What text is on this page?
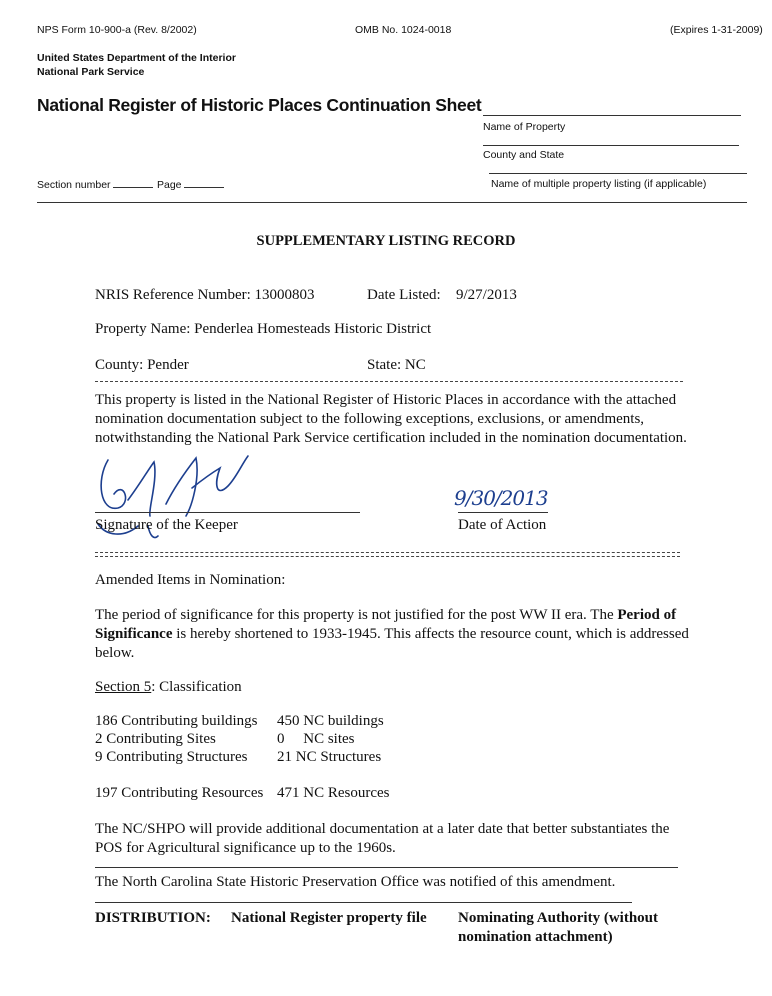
NPS Form 10-900-a (Rev. 8/2002)	OMB No. 1024-0018	(Expires 1-31-2009)
United States Department of the Interior
National Park Service
National Register of Historic Places Continuation Sheet
Name of Property
County and State
Name of multiple property listing (if applicable)
Section number	Page
SUPPLEMENTARY LISTING RECORD
NRIS Reference Number: 13000803	Date Listed: 9/27/2013
Property Name: Penderlea Homesteads Historic District
County: Pender	State: NC
This property is listed in the National Register of Historic Places in accordance with the attached nomination documentation subject to the following exceptions, exclusions, or amendments, notwithstanding the National Park Service certification included in the nomination documentation.
Signature of the Keeper
9/30/2013
Date of Action
Amended Items in Nomination:
The period of significance for this property is not justified for the post WW II era. The Period of Significance is hereby shortened to 1933-1945. This affects the resource count, which is addressed below.
Section 5: Classification
186 Contributing buildings 450 NC buildings
2 Contributing Sites	0     NC sites
9 Contributing Structures 21 NC Structures
197 Contributing Resources 471 NC Resources
The NC/SHPO will provide additional documentation at a later date that better substantiates the POS for Agricultural significance up to the 1960s.
The North Carolina State Historic Preservation Office was notified of this amendment.
DISTRIBUTION: National Register property file Nominating Authority (without nomination attachment)
